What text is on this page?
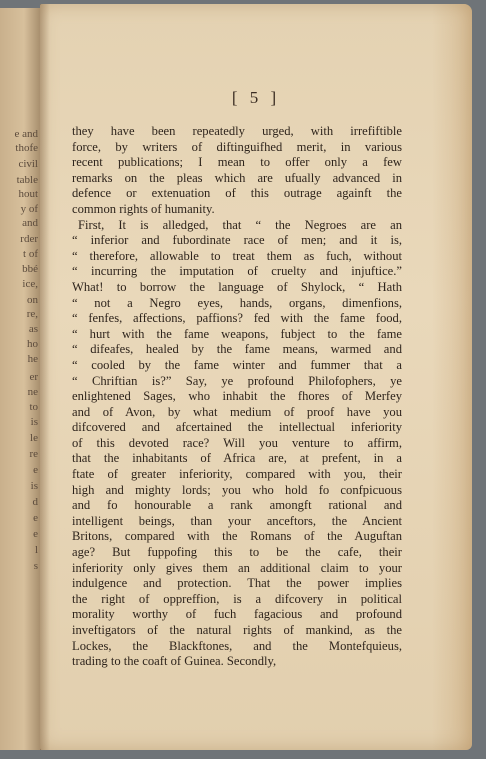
e and
thofe
civil
table
hout
y of
and
rder
t of
bbé
ice,
on
re,
as
ho
he
er
ne
to
is
le
re
e
is
d
e
e
l
s
[ 5 ]
they have been repeatedly urged, with irrefiftible
force, by writers of diftinguifhed merit, in various
recent publications; I mean to offer only a few
remarks on the pleas which are ufually advanced in
defence or extenuation of this outrage againft the
common rights of humanity.
First, It is alledged, that “ the Negroes are an
“ inferior and fubordinate race of men; and it is,
“ therefore, allowable to treat them as fuch, without
“ incurring the imputation of cruelty and injuftice.”
What! to borrow the language of Shylock, “ Hath
“ not a Negro eyes, hands, organs, dimenfions,
“ fenfes, affections, paffions? fed with the fame food,
“ hurt with the fame weapons, fubject to the fame
“ difeafes, healed by the fame means, warmed and
“ cooled by the fame winter and fummer that a
“ Chriftian is?” Say, ye profound Philofophers, ye
enlightened Sages, who inhabit the fhores of Merfey
and of Avon, by what medium of proof have you
difcovered and afcertained the intellectual inferiority
of this devoted race? Will you venture to affirm,
that the inhabitants of Africa are, at prefent, in a
ftate of greater inferiority, compared with you, their
high and mighty lords; you who hold fo confpicuous
and fo honourable a rank amongft rational and
intelligent beings, than your anceftors, the Ancient
Britons, compared with the Romans of the Auguftan
age? But fuppofing this to be the cafe, their
inferiority only gives them an additional claim to your
indulgence and protection. That the power implies
the right of oppreffion, is a difcovery in political
morality worthy of fuch fagacious and profound
inveftigators of the natural rights of mankind, as the
Lockes, the Blackftones, and the Montefquieus,
trading to the coaft of Guinea. Secondly,
